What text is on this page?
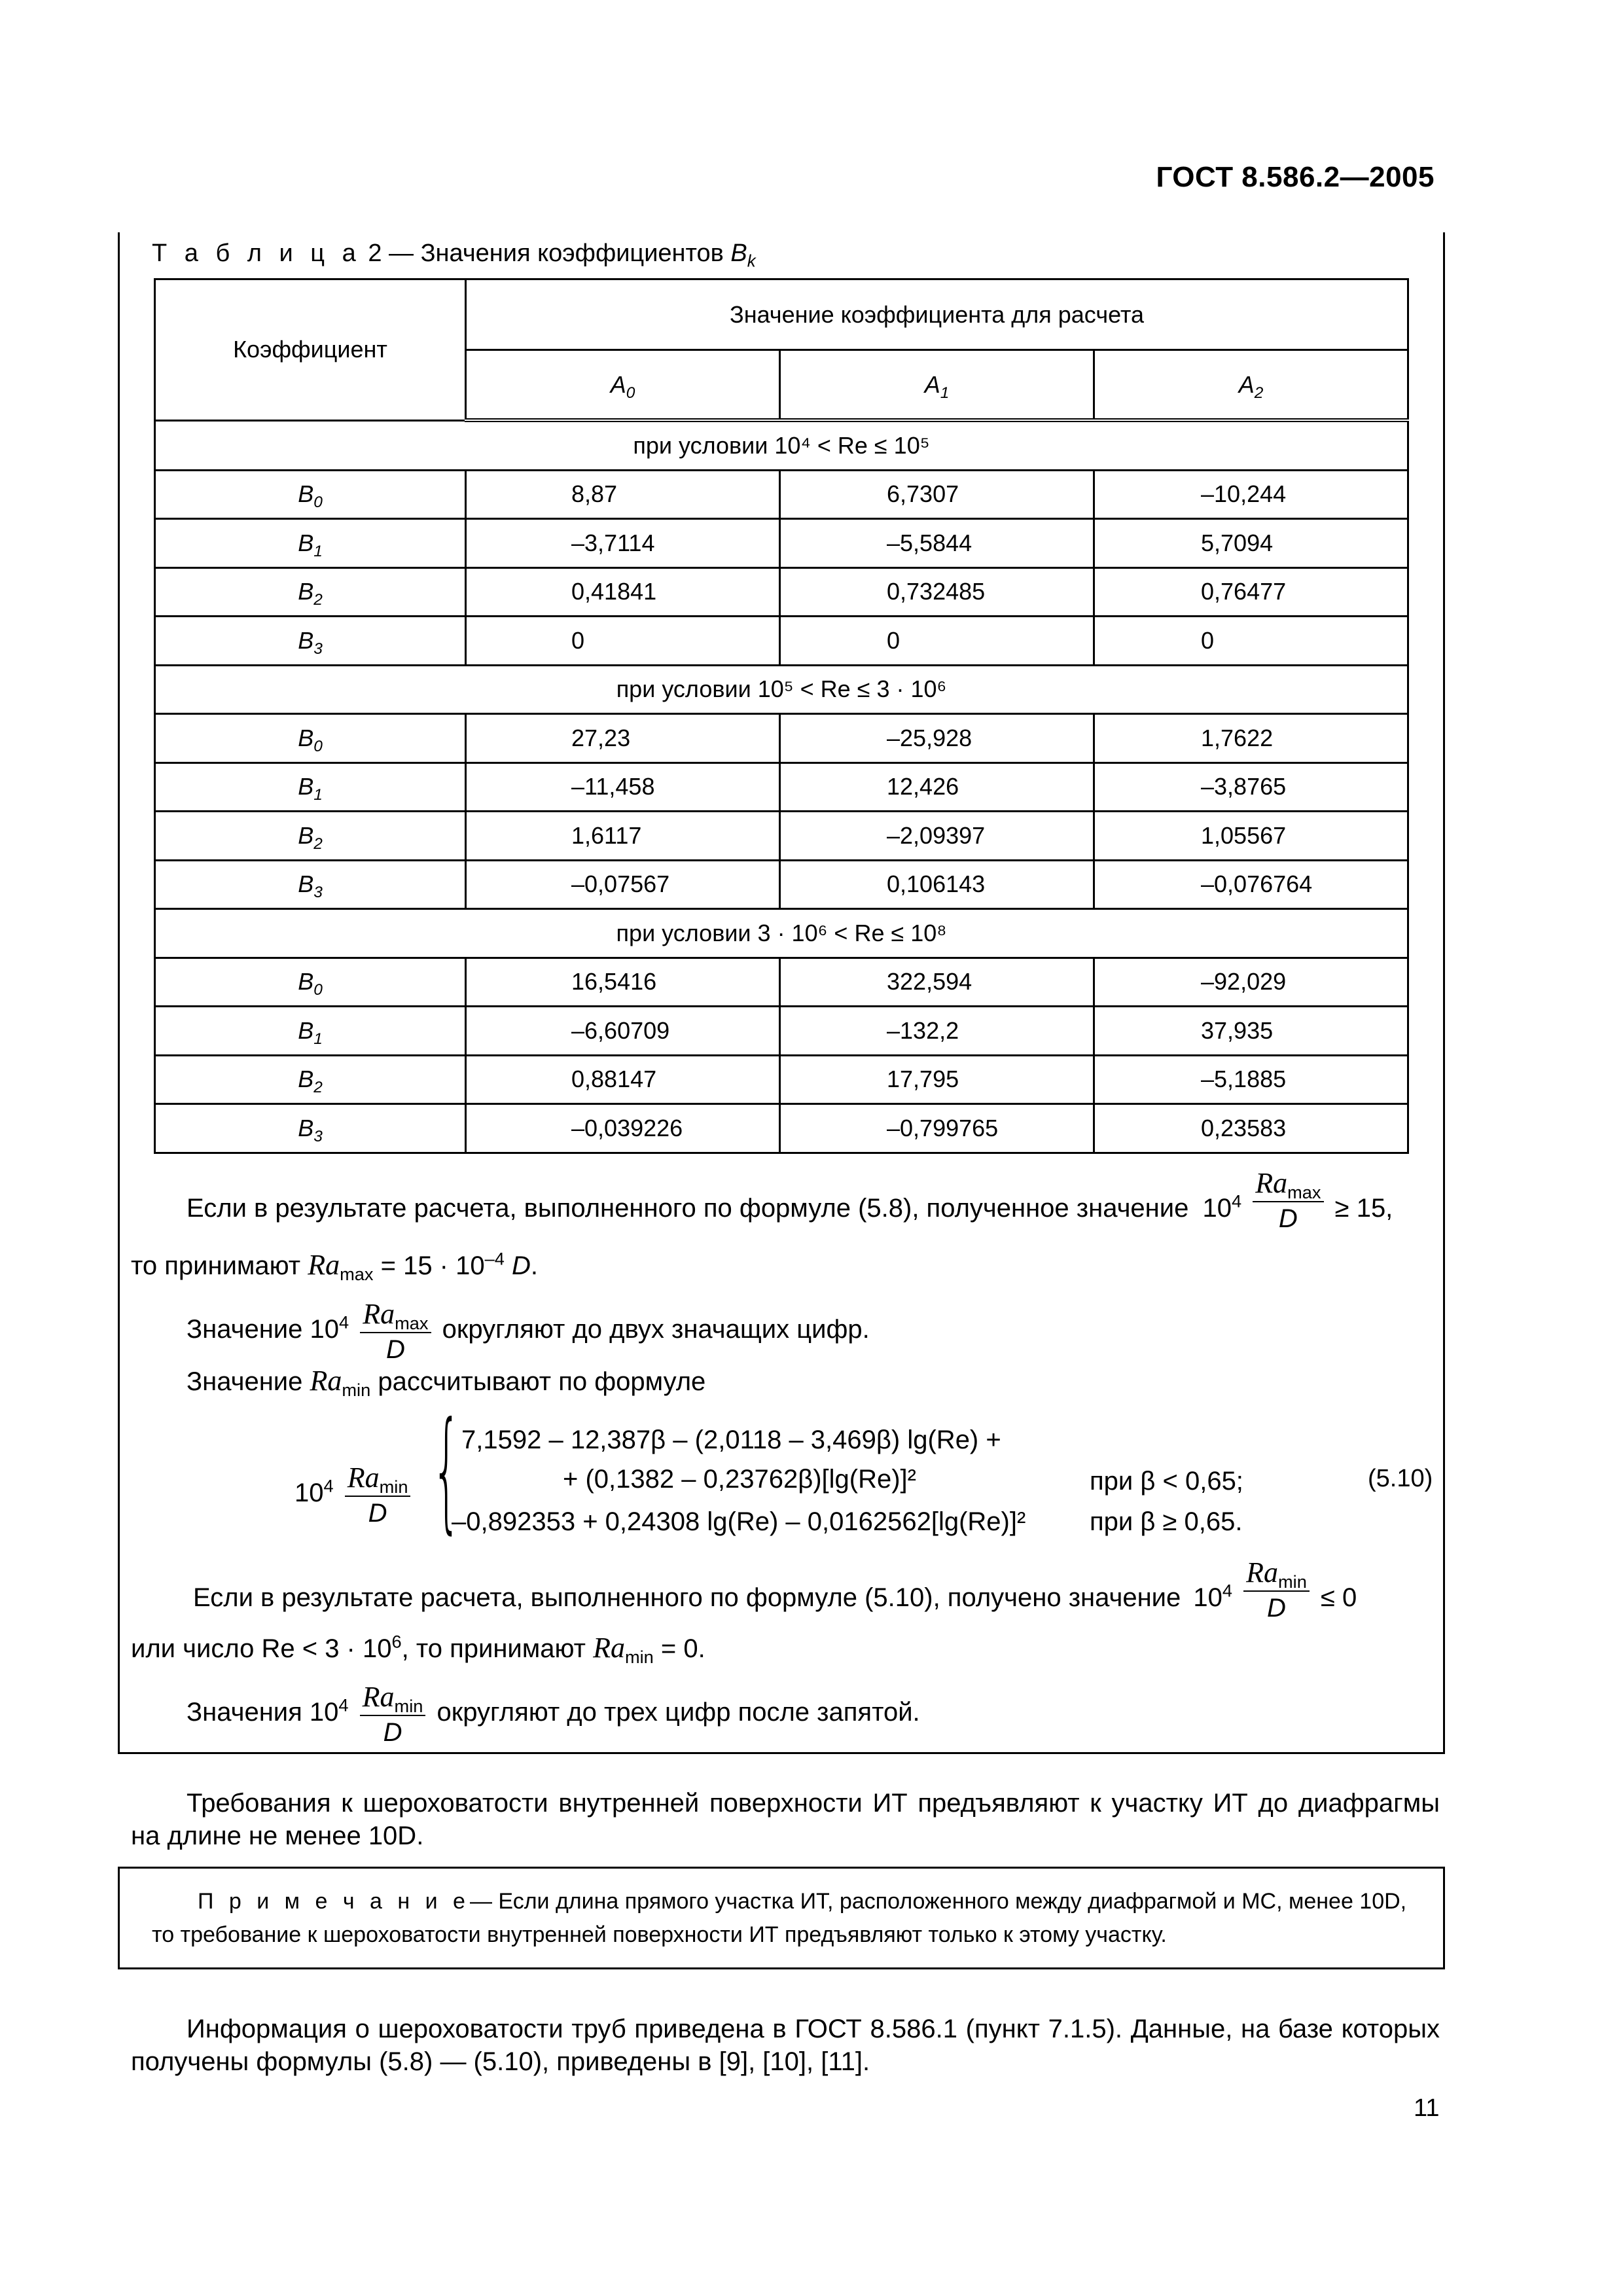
ГОСТ 8.586.2—2005
Т а б л и ц а 2 — Значения коэффициентов $B_k$
Коэффициент	Значение коэффициента для расчета		
	$A_0$	$A_1$	$A_2$
при условии 10⁴ < Re ≤ 10⁵			
$B_0$	8,87	6,7307	–10,244
$B_1$	–3,7114	–5,5844	5,7094
$B_2$	0,41841	0,732485	0,76477
$B_3$	0	0	0
при условии 10⁵ < Re ≤ 3 · 10⁶			
$B_0$	27,23	–25,928	1,7622
$B_1$	–11,458	12,426	–3,8765
$B_2$	1,6117	–2,09397	1,05567
$B_3$	–0,07567	0,106143	–0,076764
при условии 3 · 10⁶ < Re ≤ 10⁸			
$B_0$	16,5416	322,594	–92,029
$B_1$	–6,60709	–132,2	37,935
$B_2$	0,88147	17,795	–5,1885
$B_3$	–0,039226	–0,799765	0,23583
Если в результате расчета, выполненного по формуле (5.8), полученное значение $10^4 \frac{Ra_{max}}{D} \ge 15$,
то принимают $Ra_{max} = 15 \cdot 10^{-4}$ D.
Значение $10^4 \frac{Ra_{max}}{D}$ округляют до двух значащих цифр.
Значение $Ra_{min}$ рассчитывают по формуле
$10^4 \frac{Ra_{min}}{D}$ { 7,1592 – 12,387β – (2,0118 – 3,469β) lg(Re) +
+ (0,1382 – 0,23762β)[lg(Re)]²
–0,892353 + 0,24308 lg(Re) – 0,0162562[lg(Re)]²
при β < 0,65;
при β ≥ 0,65.
(5.10)
Если в результате расчета, выполненного по формуле (5.10), получено значение $10^4 \frac{Ra_{min}}{D} \le 0$
или число $Re < 3 \cdot 10^6$, то принимают $Ra_{min} = 0$.
Значения $10^4 \frac{Ra_{min}}{D}$ округляют до трех цифр после запятой.
Требования к шероховатости внутренней поверхности ИТ предъявляют к участку ИТ до диафрагмы на длине не менее 10D.
П р и м е ч а н и е— Если длина прямого участка ИТ, расположенного между диафрагмой и МС, менее 10D, то требование к шероховатости внутренней поверхности ИТ предъявляют только к этому участку.
Информация о шероховатости труб приведена в ГОСТ 8.586.1 (пункт 7.1.5). Данные, на базе которых получены формулы (5.8) — (5.10), приведены в [9], [10], [11].
11
